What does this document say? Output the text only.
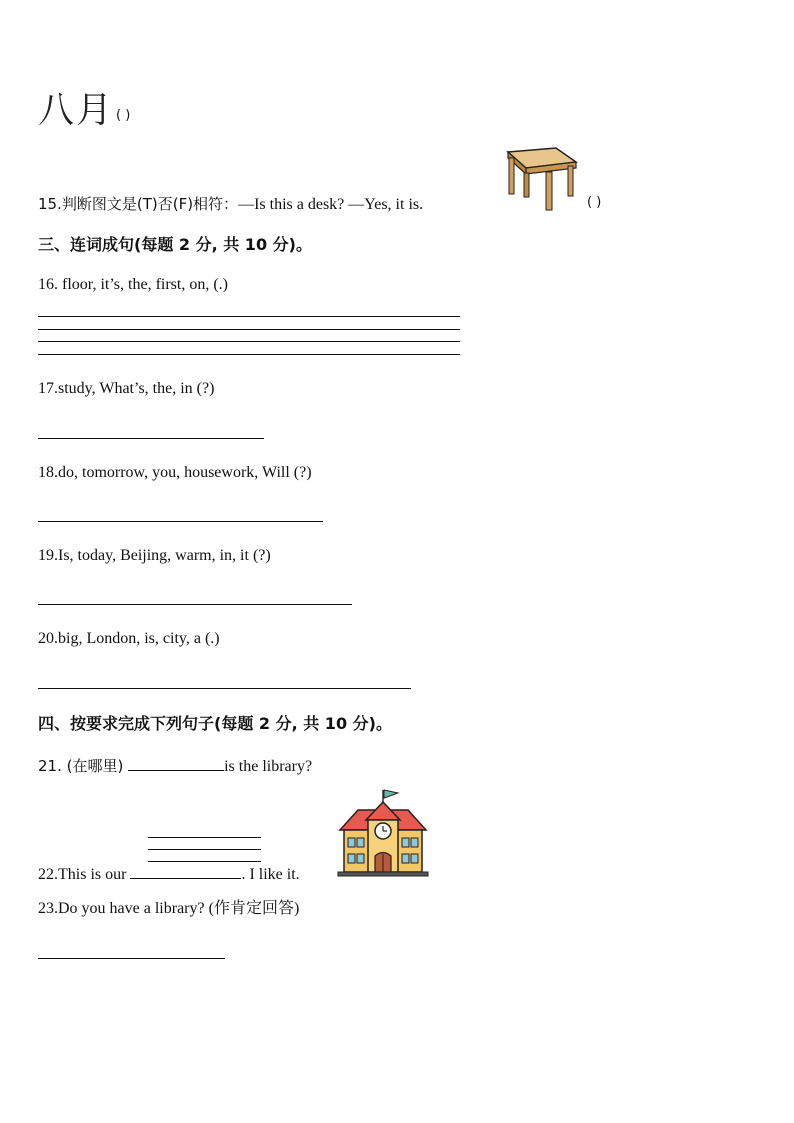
八月 ( )
15.判断图文是(T)否(F)相符：—Is this a desk? —Yes, it is.	( )
三、连词成句(每题 2 分, 共 10 分)。
16. floor, it’s, the, first, on, (.)
17.study, What’s, the, in (?)
18.do, tomorrow, you, housework, Will (?)
19.Is, today, Beijing, warm, in, it (?)
20.big, London, is, city, a (.)
四、按要求完成下列句子(每题 2 分, 共 10 分)。
21. (在哪里)	is the library?
22.This is our	. I like it.
23.Do you have a library? (作肯定回答)
